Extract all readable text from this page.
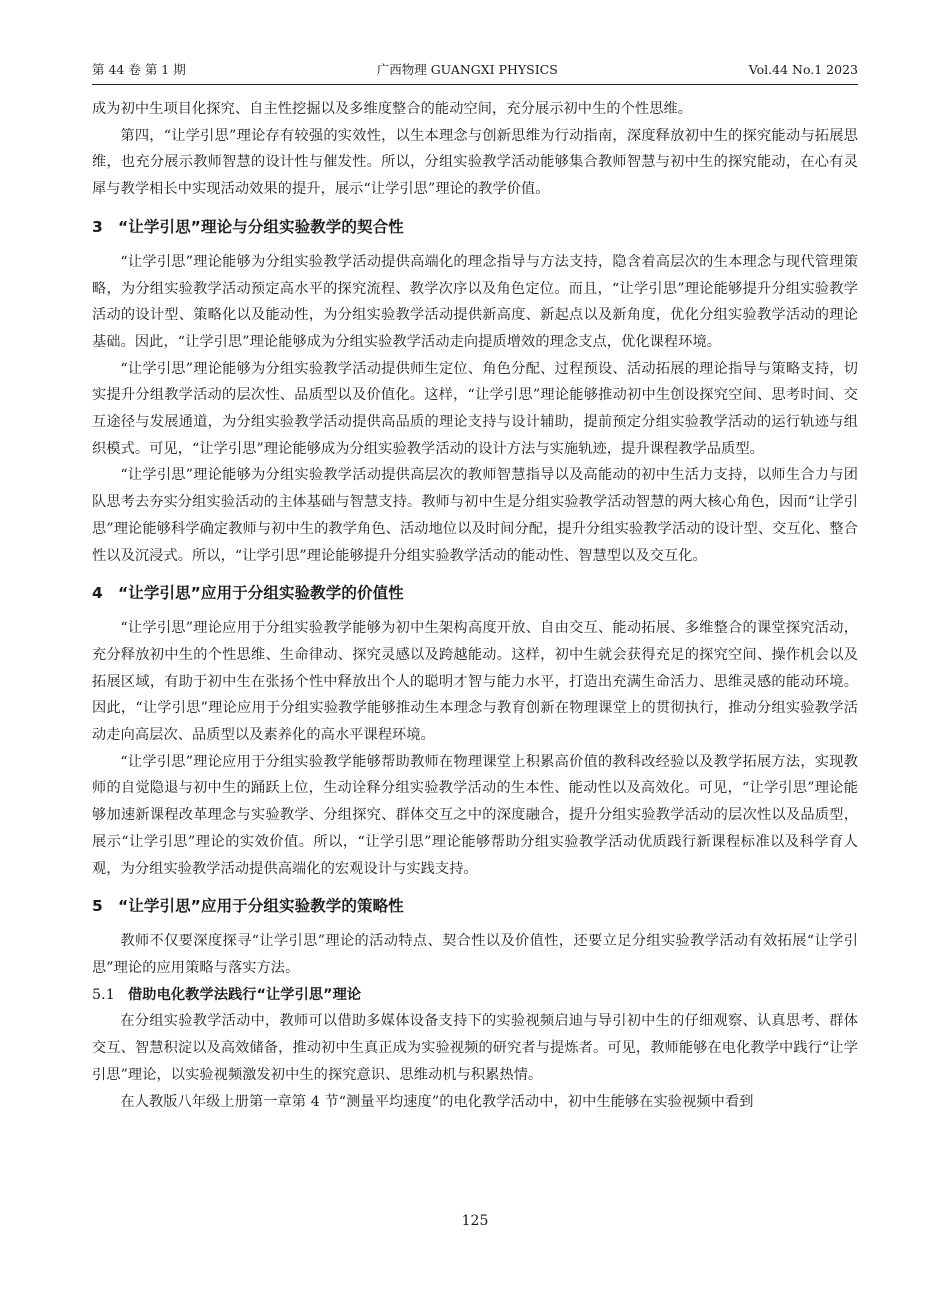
第 44 卷 第 1 期	广西物理 GUANGXI PHYSICS	Vol.44 No.1 2023

成为初中生项目化探究、自主性挖掘以及多维度整合的能动空间，充分展示初中生的个性思维。

第四，“让学引思”理论存有较强的实效性，以生本理念与创新思维为行动指南，深度释放初中生的探究能动与拓展思维，也充分展示教师智慧的设计性与催发性。所以，分组实验教学活动能够集合教师智慧与初中生的探究能动，在心有灵犀与教学相长中实现活动效果的提升，展示“让学引思”理论的教学价值。

3 “让学引思”理论与分组实验教学的契合性

“让学引思”理论能够为分组实验教学活动提供高端化的理念指导与方法支持，隐含着高层次的生本理念与现代管理策略，为分组实验教学活动预定高水平的探究流程、教学次序以及角色定位。而且，“让学引思”理论能够提升分组实验教学活动的设计型、策略化以及能动性，为分组实验教学活动提供新高度、新起点以及新角度，优化分组实验教学活动的理论基础。因此，“让学引思”理论能够成为分组实验教学活动走向提质增效的理念支点，优化课程环境。

“让学引思”理论能够为分组实验教学活动提供师生定位、角色分配、过程预设、活动拓展的理论指导与策略支持，切实提升分组教学活动的层次性、品质型以及价值化。这样，“让学引思”理论能够推动初中生创设探究空间、思考时间、交互途径与发展通道，为分组实验教学活动提供高品质的理论支持与设计辅助，提前预定分组实验教学活动的运行轨迹与组织模式。可见，“让学引思”理论能够成为分组实验教学活动的设计方法与实施轨迹，提升课程教学品质型。

“让学引思”理论能够为分组实验教学活动提供高层次的教师智慧指导以及高能动的初中生活力支持，以师生合力与团队思考去夯实分组实验活动的主体基础与智慧支持。教师与初中生是分组实验教学活动智慧的两大核心角色，因而“让学引思”理论能够科学确定教师与初中生的教学角色、活动地位以及时间分配，提升分组实验教学活动的设计型、交互化、整合性以及沉浸式。所以，“让学引思”理论能够提升分组实验教学活动的能动性、智慧型以及交互化。

4 “让学引思”应用于分组实验教学的价值性

“让学引思”理论应用于分组实验教学能够为初中生架构高度开放、自由交互、能动拓展、多维整合的课堂探究活动，充分释放初中生的个性思维、生命律动、探究灵感以及跨越能动。这样，初中生就会获得充足的探究空间、操作机会以及拓展区域，有助于初中生在张扬个性中释放出个人的聪明才智与能力水平，打造出充满生命活力、思维灵感的能动环境。因此，“让学引思”理论应用于分组实验教学能够推动生本理念与教育创新在物理课堂上的贯彻执行，推动分组实验教学活动走向高层次、品质型以及素养化的高水平课程环境。

“让学引思”理论应用于分组实验教学能够帮助教师在物理课堂上积累高价值的教科改经验以及教学拓展方法，实现教师的自觉隐退与初中生的踊跃上位，生动诠释分组实验教学活动的生本性、能动性以及高效化。可见，“让学引思”理论能够加速新课程改革理念与实验教学、分组探究、群体交互之中的深度融合，提升分组实验教学活动的层次性以及品质型，展示“让学引思”理论的实效价值。所以，“让学引思”理论能够帮助分组实验教学活动优质践行新课程标准以及科学育人观，为分组实验教学活动提供高端化的宏观设计与实践支持。

5 “让学引思”应用于分组实验教学的策略性

教师不仅要深度探寻“让学引思”理论的活动特点、契合性以及价值性，还要立足分组实验教学活动有效拓展“让学引思”理论的应用策略与落实方法。

5.1 借助电化教学法践行“让学引思”理论

在分组实验教学活动中，教师可以借助多媒体设备支持下的实验视频启迪与导引初中生的仔细观察、认真思考、群体交互、智慧积淀以及高效储备，推动初中生真正成为实验视频的研究者与提炼者。可见，教师能够在电化教学中践行“让学引思”理论，以实验视频激发初中生的探究意识、思维动机与积累热情。

在人教版八年级上册第一章第 4 节“测量平均速度”的电化教学活动中，初中生能够在实验视频中看到

125
